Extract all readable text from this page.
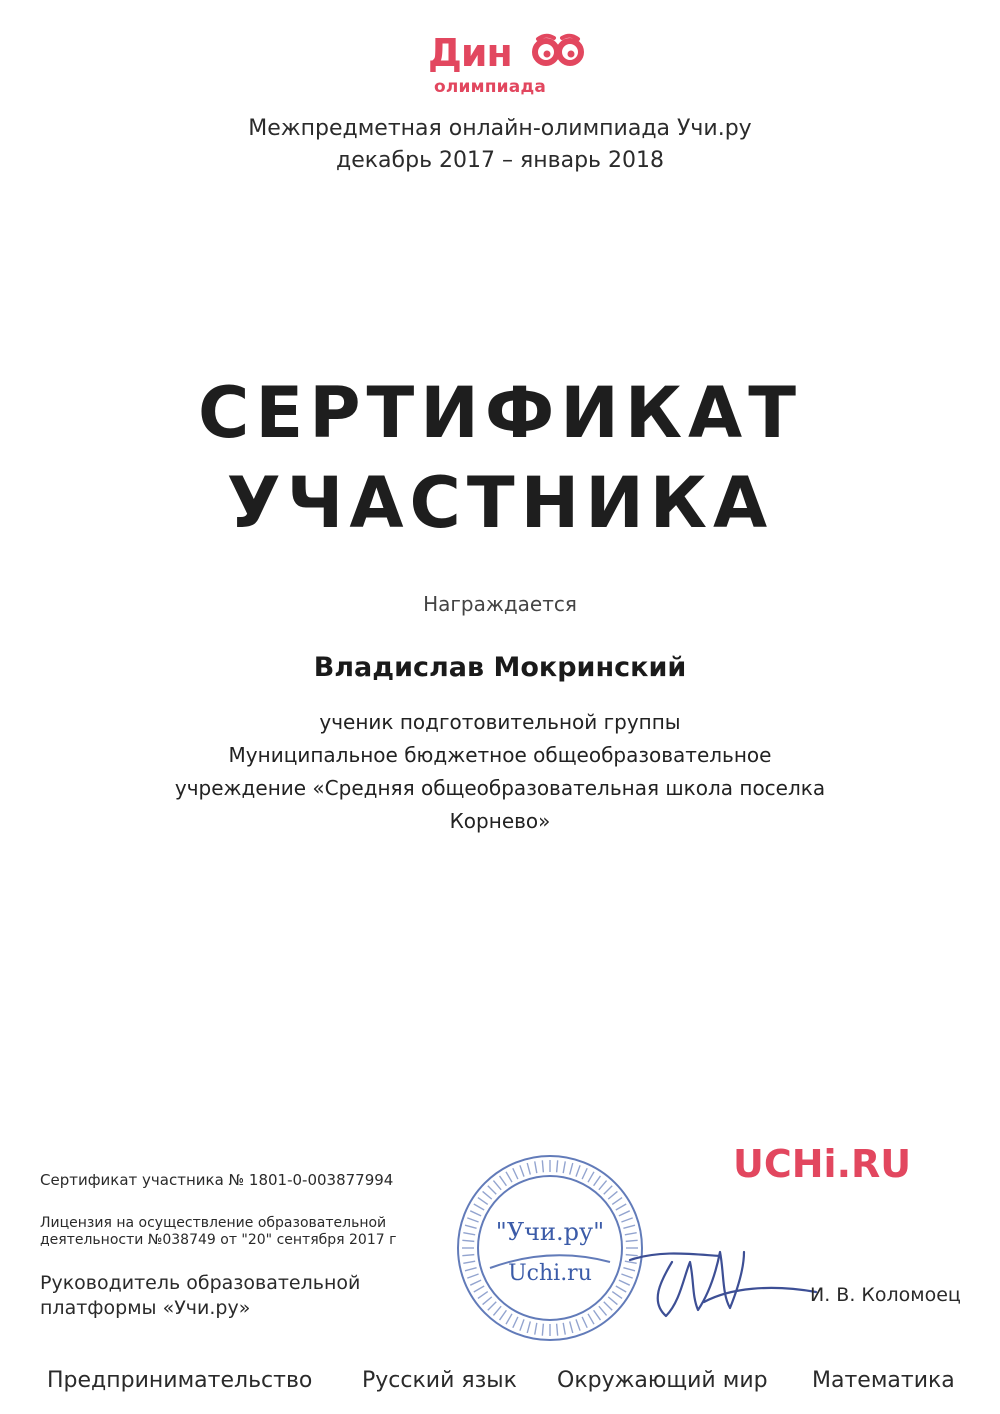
Дин
олимпиада
Межпредметная онлайн-олимпиада Учи.ру
декабрь 2017 – январь 2018
СЕРТИФИКАТ
УЧАСТНИКА
Награждается
Владислав Мокринский
ученик подготовительной группы
Муниципальное бюджетное общеобразовательное
учреждение «Средняя общеобразовательная школа поселка
Корнево»
Сертификат участника № 1801-0-003877994
Лицензия на осуществление образовательной
деятельности №038749 от "20" сентября 2017 г
Руководитель образовательной
платформы «Учи.ру»
"Учи.ру"
Uchi.ru
UCHi.RU
И. В. Коломоец
Предпринимательство Русский язык Окружающий мир Математика
